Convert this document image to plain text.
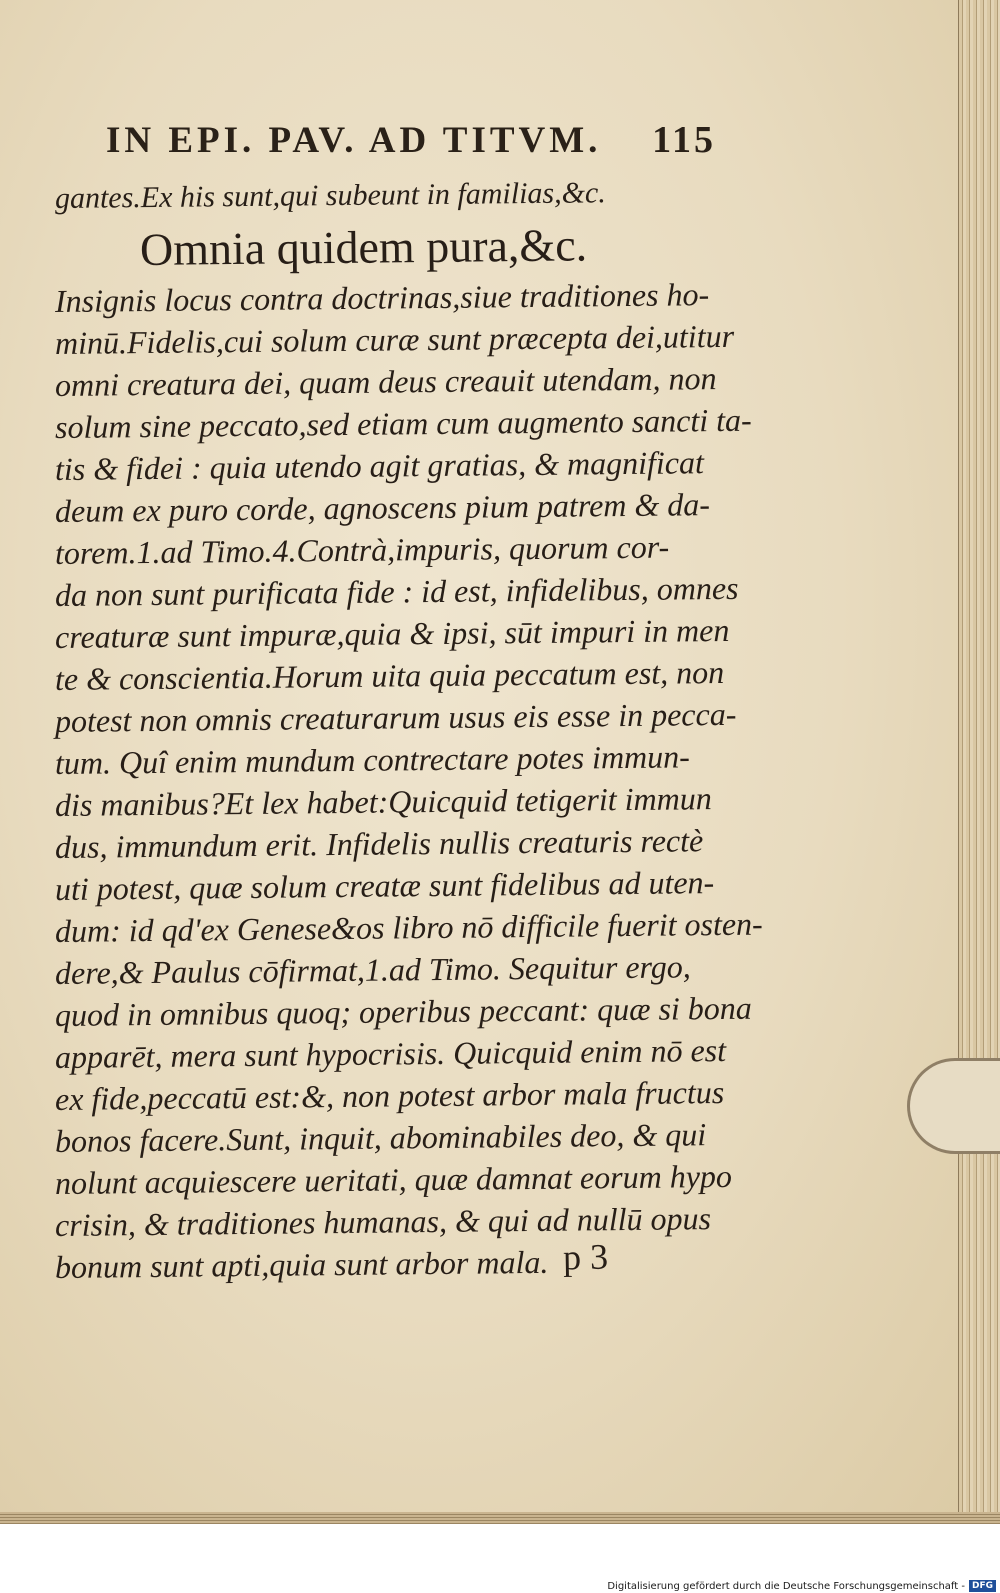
IN EPI. PAV. AD TITVM. 115
gantes.Ex his sunt,qui subeunt in familias,&c.
Omnia quidem pura,&c.
Insignis locus contra doctrinas,siue traditiones ho-
minū.Fidelis,cui solum curæ sunt præcepta dei,utitur
omni creatura dei, quam deus creauit utendam, non
solum sine peccato,sed etiam cum augmento sancti ta-
tis & fidei : quia utendo agit gratias, & magnificat
deum ex puro corde, agnoscens pium patrem & da-
torem.1.ad Timo.4.Contrà,impuris, quorum cor-
da non sunt purificata fide : id est, infidelibus, omnes
creaturæ sunt impuræ,quia & ipsi, sūt impuri in men
te & conscientia.Horum uita quia peccatum est, non
potest non omnis creaturarum usus eis esse in pecca-
tum. Quî enim mundum contrectare potes immun-
dis manibus?Et lex habet:Quicquid tetigerit immun
dus, immundum erit. Infidelis nullis creaturis rectè
uti potest, quæ solum creatæ sunt fidelibus ad uten-
dum: id qd'ex Genese&os libro nō difficile fuerit osten-
dere,& Paulus cōfirmat,1.ad Timo. Sequitur ergo,
quod in omnibus quoq; operibus peccant: quæ si bona
apparēt, mera sunt hypocrisis. Quicquid enim nō est
ex fide,peccatū est:&, non potest arbor mala fructus
bonos facere.Sunt, inquit, abominabiles deo, & qui
nolunt acquiescere ueritati, quæ damnat eorum hypo
crisin, & traditiones humanas, & qui ad nullū opus
bonum sunt apti,quia sunt arbor mala. p 3
Digitalisierung gefördert durch die Deutsche Forschungsgemeinschaft - DFG
